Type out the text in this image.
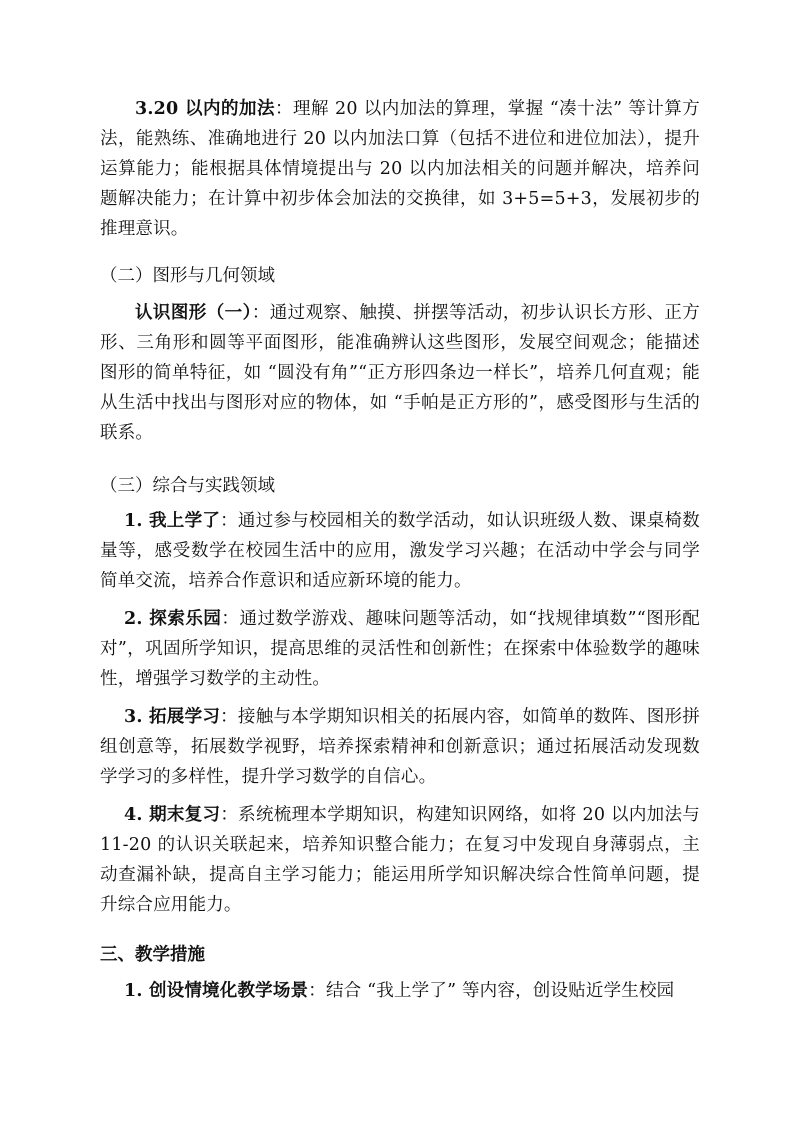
3.20 以内的加法：理解 20 以内加法的算理，掌握 “凑十法” 等计算方法，能熟练、准确地进行 20 以内加法口算（包括不进位和进位加法），提升运算能力；能根据具体情境提出与 20 以内加法相关的问题并解决，培养问题解决能力；在计算中初步体会加法的交换律，如 3+5=5+3，发展初步的推理意识。

（二）图形与几何领域

认识图形（一）：通过观察、触摸、拼摆等活动，初步认识长方形、正方形、三角形和圆等平面图形，能准确辨认这些图形，发展空间观念；能描述图形的简单特征，如 “圆没有角”“正方形四条边一样长”，培养几何直观；能从生活中找出与图形对应的物体，如 “手帕是正方形的”，感受图形与生活的联系。

（三）综合与实践领域

1. 我上学了：通过参与校园相关的数学活动，如认识班级人数、课桌椅数量等，感受数学在校园生活中的应用，激发学习兴趣；在活动中学会与同学简单交流，培养合作意识和适应新环境的能力。

2. 探索乐园：通过数学游戏、趣味问题等活动，如“找规律填数”“图形配对”，巩固所学知识，提高思维的灵活性和创新性；在探索中体验数学的趣味性，增强学习数学的主动性。

3. 拓展学习：接触与本学期知识相关的拓展内容，如简单的数阵、图形拼组创意等，拓展数学视野，培养探索精神和创新意识；通过拓展活动发现数学学习的多样性，提升学习数学的自信心。

4. 期末复习：系统梳理本学期知识，构建知识网络，如将 20 以内加法与 11-20 的认识关联起来，培养知识整合能力；在复习中发现自身薄弱点，主动查漏补缺，提高自主学习能力；能运用所学知识解决综合性简单问题，提升综合应用能力。

三、教学措施

1. 创设情境化教学场景：结合 “我上学了” 等内容，创设贴近学生校园
